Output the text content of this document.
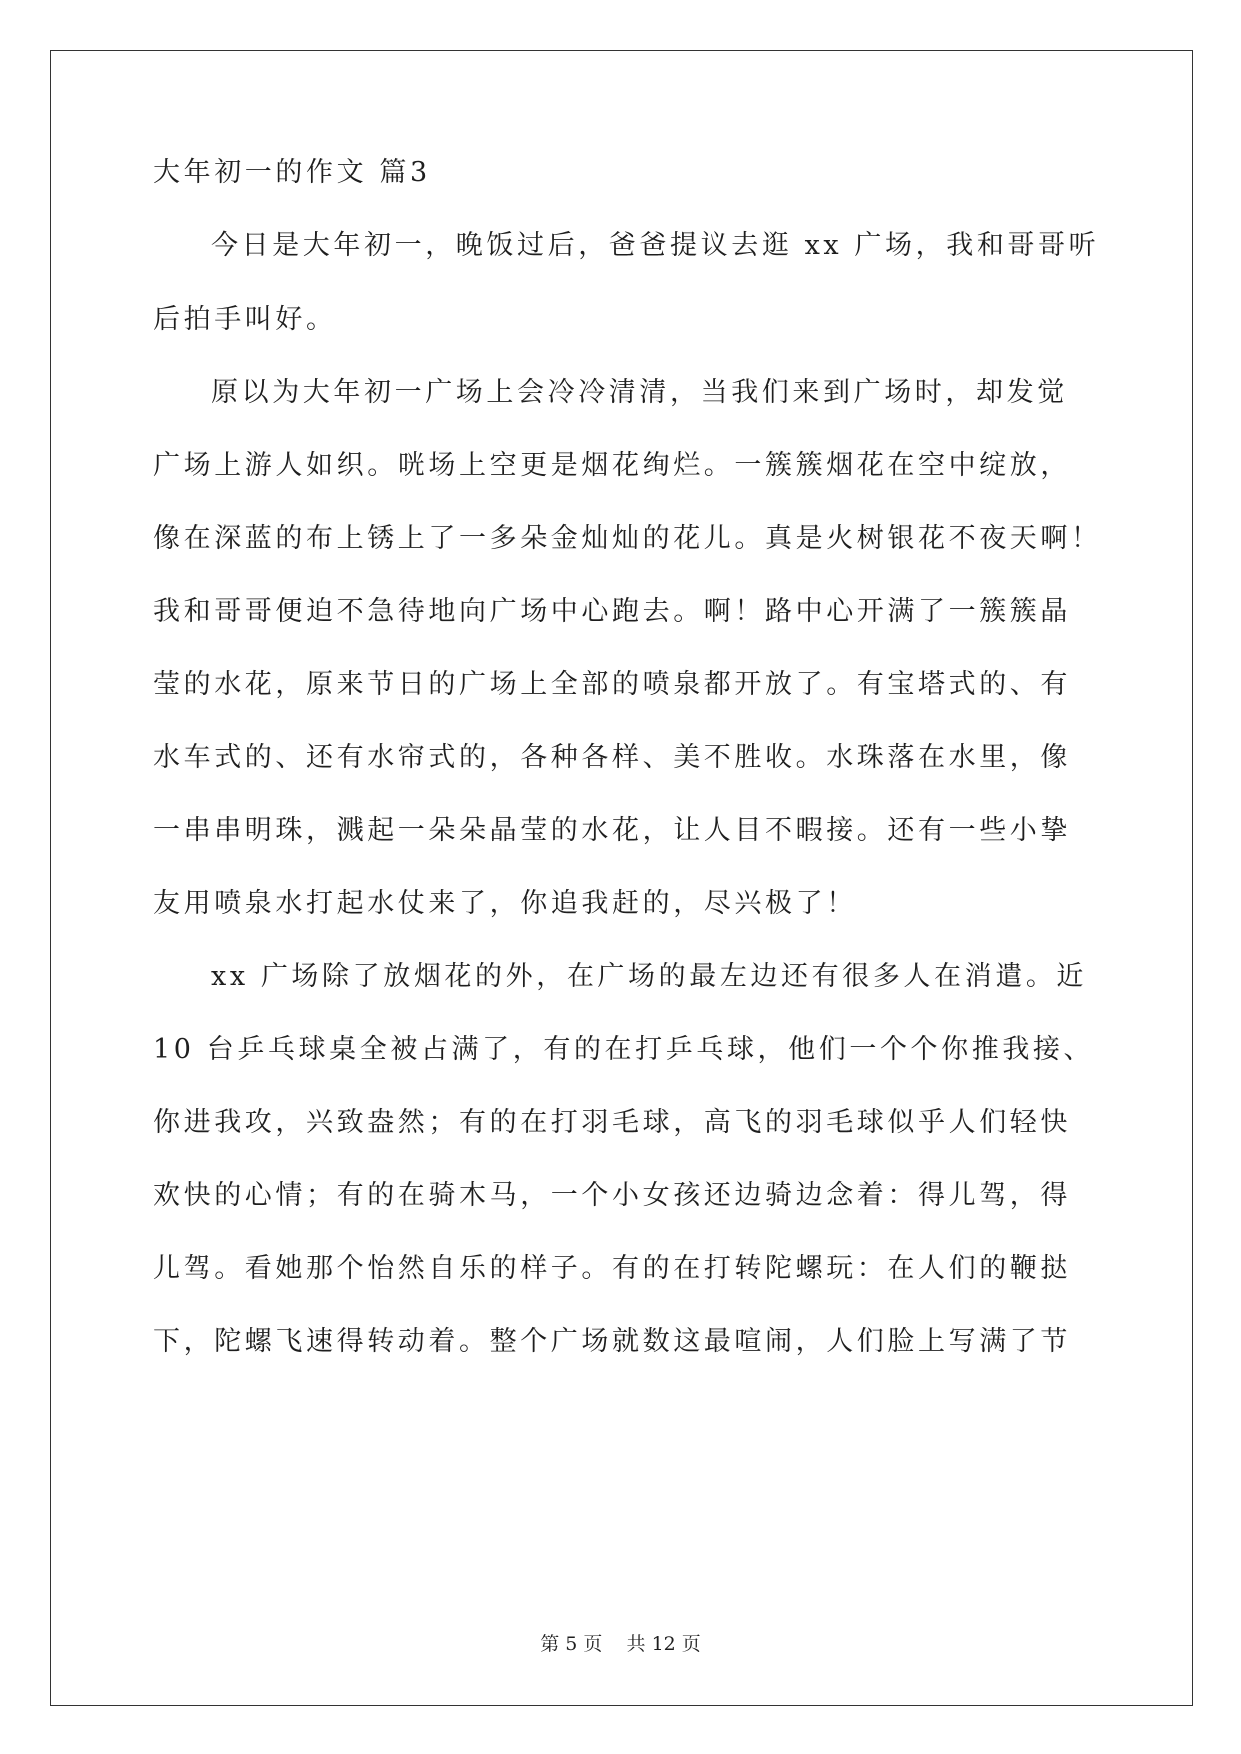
大年初一的作文 篇3
今日是大年初一，晚饭过后，爸爸提议去逛 xx 广场，我和哥哥听
后拍手叫好。
原以为大年初一广场上会冷冷清清，当我们来到广场时，却发觉
广场上游人如织。咣场上空更是烟花绚烂。一簇簇烟花在空中绽放，
像在深蓝的布上锈上了一多朵金灿灿的花儿。真是火树银花不夜天啊！
我和哥哥便迫不急待地向广场中心跑去。啊！路中心开满了一簇簇晶
莹的水花，原来节日的广场上全部的喷泉都开放了。有宝塔式的、有
水车式的、还有水帘式的，各种各样、美不胜收。水珠落在水里，像
一串串明珠，溅起一朵朵晶莹的水花，让人目不暇接。还有一些小挚
友用喷泉水打起水仗来了，你追我赶的，尽兴极了！
xx 广场除了放烟花的外，在广场的最左边还有很多人在消遣。近
10 台乒乓球桌全被占满了，有的在打乒乓球，他们一个个你推我接、
你进我攻，兴致盎然；有的在打羽毛球，高飞的羽毛球似乎人们轻快
欢快的心情；有的在骑木马，一个小女孩还边骑边念着：得儿驾，得
儿驾。看她那个怡然自乐的样子。有的在打转陀螺玩：在人们的鞭挞
下，陀螺飞速得转动着。整个广场就数这最喧闹，人们脸上写满了节
第 5 页    共 12 页
